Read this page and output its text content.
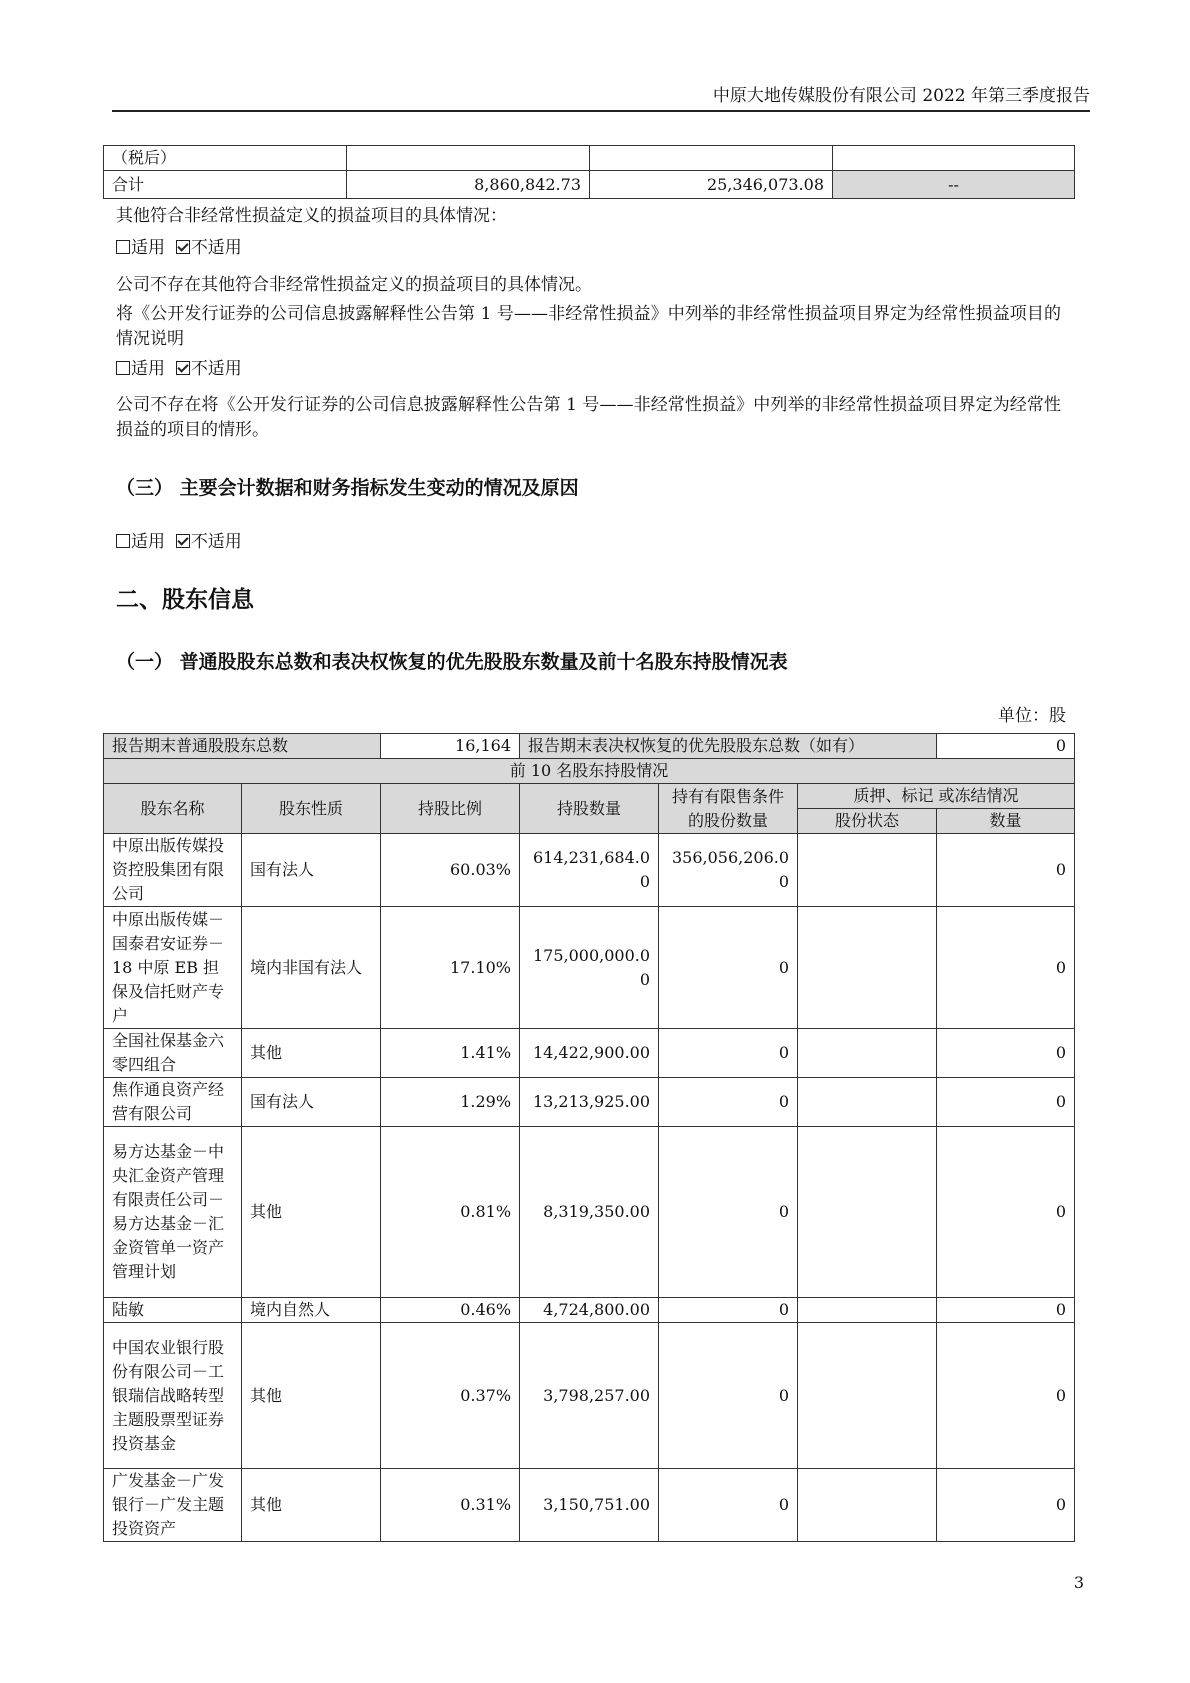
中原大地传媒股份有限公司 2022 年第三季度报告
（税后）			
合计	8,860,842.73	25,346,073.08	--
其他符合非经常性损益定义的损益项目的具体情况：
适用 不适用
公司不存在其他符合非经常性损益定义的损益项目的具体情况。
将《公开发行证券的公司信息披露解释性公告第 1 号——非经常性损益》中列举的非经常性损益项目界定为经常性损益项目的情况说明
适用 不适用
公司不存在将《公开发行证券的公司信息披露解释性公告第 1 号——非经常性损益》中列举的非经常性损益项目界定为经常性损益的项目的情形。
（三） 主要会计数据和财务指标发生变动的情况及原因
适用 不适用
二、股东信息
（一） 普通股股东总数和表决权恢复的优先股股东数量及前十名股东持股情况表
单位：股
报告期末普通股股东总数		16,164	报告期末表决权恢复的优先股股东总数（如有）			0
前 10 名股东持股情况						
股东名称	股东性质	持股比例	持股数量	持有有限售条件的股份数量	质押、标记 或冻结情况	
					股份状态	数量
中原出版传媒投资控股集团有限公司	国有法人	60.03%	614,231,684.00	356,056,206.00		0
中原出版传媒－国泰君安证券－18 中原 EB 担保及信托财产专户	境内非国有法人	17.10%	175,000,000.00	0		0
全国社保基金六零四组合	其他	1.41%	14,422,900.00	0		0
焦作通良资产经营有限公司	国有法人	1.29%	13,213,925.00	0		0
易方达基金－中央汇金资产管理有限责任公司－易方达基金－汇金资管单一资产管理计划	其他	0.81%	8,319,350.00	0		0
陆敏	境内自然人	0.46%	4,724,800.00	0		0
中国农业银行股份有限公司－工银瑞信战略转型主题股票型证券投资基金	其他	0.37%	3,798,257.00	0		0
广发基金－广发银行－广发主题投资资产	其他	0.31%	3,150,751.00	0		0
3
